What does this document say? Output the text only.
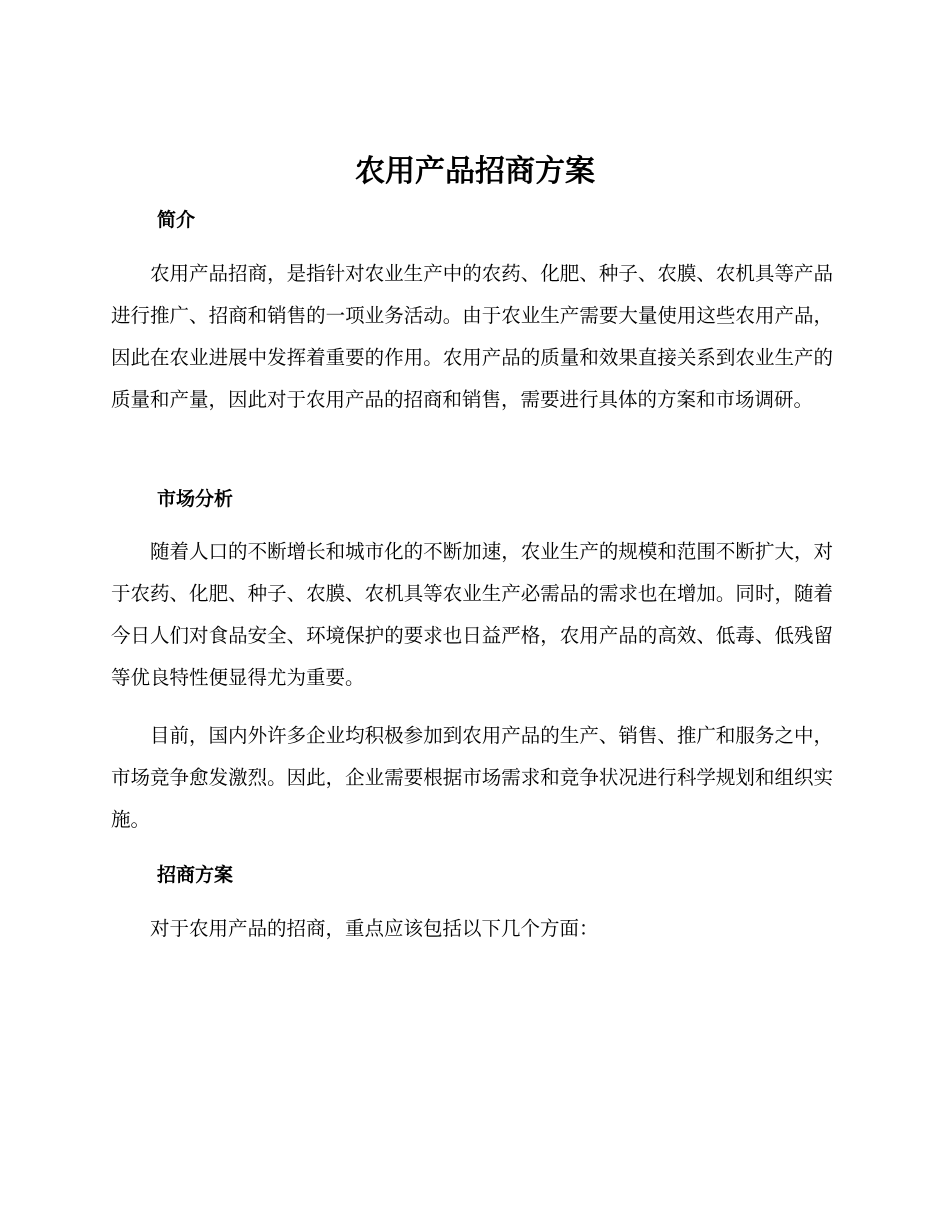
农用产品招商方案
简介

农用产品招商，是指针对农业生产中的农药、化肥、种子、农膜、农机具等产品进行推广、招商和销售的一项业务活动。由于农业生产需要大量使用这些农用产品，因此在农业进展中发挥着重要的作用。农用产品的质量和效果直接关系到农业生产的质量和产量，因此对于农用产品的招商和销售，需要进行具体的方案和市场调研。

市场分析

随着人口的不断增长和城市化的不断加速，农业生产的规模和范围不断扩大，对于农药、化肥、种子、农膜、农机具等农业生产必需品的需求也在增加。同时，随着今日人们对食品安全、环境保护的要求也日益严格，农用产品的高效、低毒、低残留等优良特性便显得尤为重要。

目前，国内外许多企业均积极参加到农用产品的生产、销售、推广和服务之中，市场竞争愈发激烈。因此，企业需要根据市场需求和竞争状况进行科学规划和组织实施。

招商方案

对于农用产品的招商，重点应该包括以下几个方面：
